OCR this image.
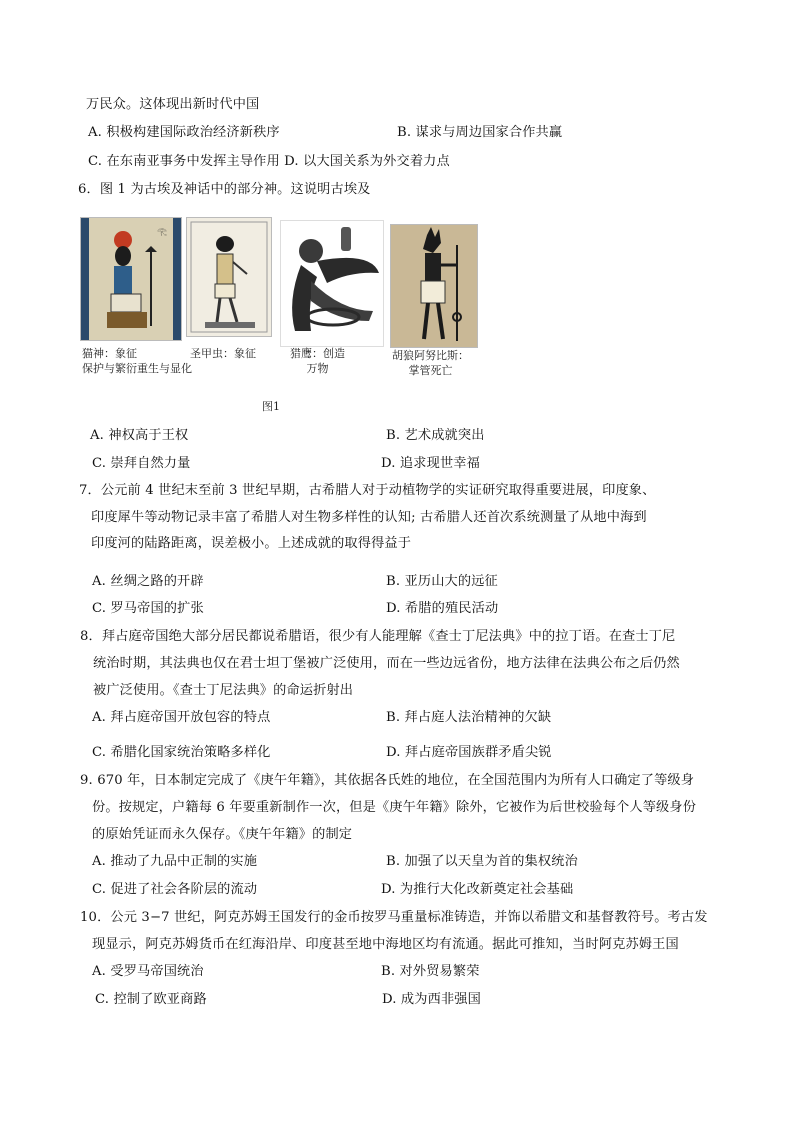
万民众。这体现出新时代中国
A. 积极构建国际政治经济新秩序	B. 谋求与周边国家合作共赢
C. 在东南亚事务中发挥主导作用 D. 以大国关系为外交着力点
6．图 1 为古埃及神话中的部分神。这说明古埃及
𓂀
猫神：象征
保护与繁衍重生与显化
圣甲虫：象征	猎鹰：创造
万物
胡狼阿努比斯：
掌管死亡
图1
A. 神权高于王权	B. 艺术成就突出
C. 崇拜自然力量	D. 追求现世幸福
7．公元前 4 世纪末至前 3 世纪早期，古希腊人对于动植物学的实证研究取得重要进展，印度象、
印度犀牛等动物记录丰富了希腊人对生物多样性的认知; 古希腊人还首次系统测量了从地中海到
印度河的陆路距离，误差极小。上述成就的取得得益于
A. 丝绸之路的开辟	B. 亚历山大的远征
C. 罗马帝国的扩张	D. 希腊的殖民活动
8．拜占庭帝国绝大部分居民都说希腊语，很少有人能理解《查士丁尼法典》中的拉丁语。在查士丁尼
统治时期，其法典也仅在君士坦丁堡被广泛使用，而在一些边远省份，地方法律在法典公布之后仍然
被广泛使用。《查士丁尼法典》的命运折射出
A. 拜占庭帝国开放包容的特点	B. 拜占庭人法治精神的欠缺
C. 希腊化国家统治策略多样化	D. 拜占庭帝国族群矛盾尖锐
9. 670 年，日本制定完成了《庚午年籍》，其依据各氏姓的地位，在全国范围内为所有人口确定了等级身
份。按规定，户籍每 6 年要重新制作一次，但是《庚午年籍》除外，它被作为后世校验每个人等级身份
的原始凭证而永久保存。《庚午年籍》的制定
A. 推动了九品中正制的实施	B. 加强了以天皇为首的集权统治
C. 促进了社会各阶层的流动	D. 为推行大化改新奠定社会基础
10．公元 3−7 世纪，阿克苏姆王国发行的金币按罗马重量标准铸造，并饰以希腊文和基督教符号。考古发
现显示，阿克苏姆货币在红海沿岸、印度甚至地中海地区均有流通。据此可推知，当时阿克苏姆王国
A. 受罗马帝国统治	B. 对外贸易繁荣
C. 控制了欧亚商路	D. 成为西非强国
